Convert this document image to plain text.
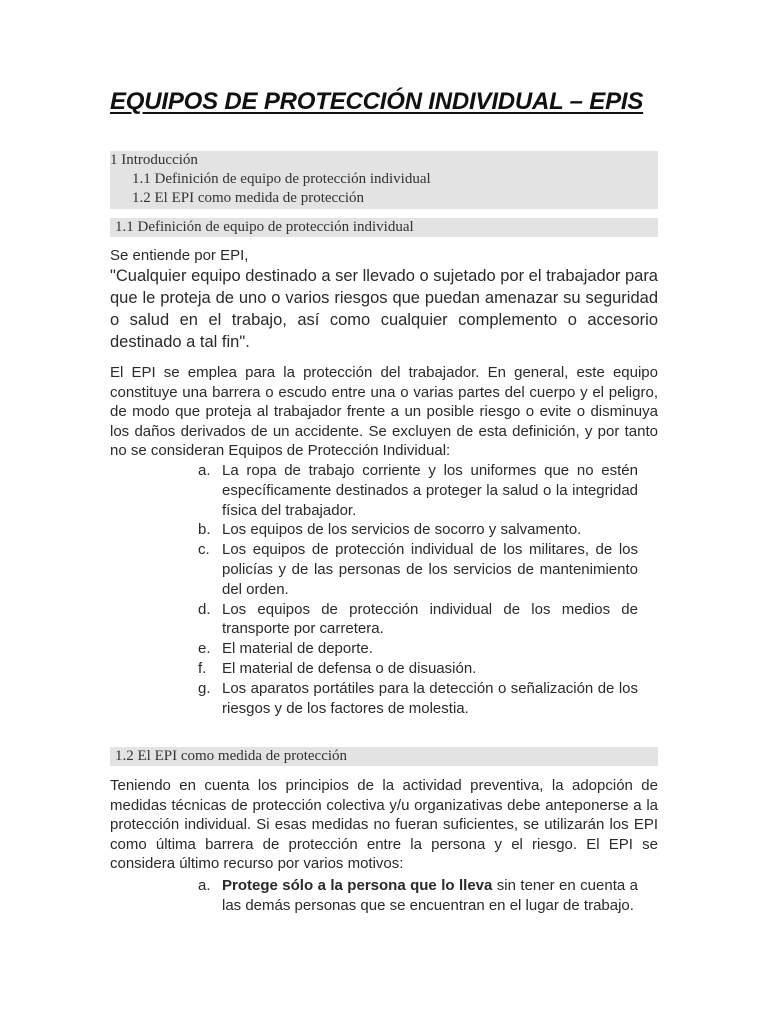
EQUIPOS DE PROTECCIÓN INDIVIDUAL – EPIS
1 Introducción
1.1 Definición de equipo de protección individual
1.2 El EPI como medida de protección
1.1 Definición de equipo de protección individual
Se entiende por EPI,
"Cualquier equipo destinado a ser llevado o sujetado por el trabajador para que le proteja de uno o varios riesgos que puedan amenazar su seguridad o salud en el trabajo, así como cualquier complemento o accesorio destinado a tal fin".
El EPI se emplea para la protección del trabajador. En general, este equipo constituye una barrera o escudo entre una o varias partes del cuerpo y el peligro, de modo que proteja al trabajador frente a un posible riesgo o evite o disminuya los daños derivados de un accidente. Se excluyen de esta definición, y por tanto no se consideran Equipos de Protección Individual:
a. La ropa de trabajo corriente y los uniformes que no estén específicamente destinados a proteger la salud o la integridad física del trabajador.
b. Los equipos de los servicios de socorro y salvamento.
c. Los equipos de protección individual de los militares, de los policías y de las personas de los servicios de mantenimiento del orden.
d. Los equipos de protección individual de los medios de transporte por carretera.
e. El material de deporte.
f. El material de defensa o de disuasión.
g. Los aparatos portátiles para la detección o señalización de los riesgos y de los factores de molestia.
1.2 El EPI como medida de protección
Teniendo en cuenta los principios de la actividad preventiva, la adopción de medidas técnicas de protección colectiva y/u organizativas debe anteponerse a la protección individual. Si esas medidas no fueran suficientes, se utilizarán los EPI como última barrera de protección entre la persona y el riesgo. El EPI se considera último recurso por varios motivos:
a. Protege sólo a la persona que lo lleva sin tener en cuenta a las demás personas que se encuentran en el lugar de trabajo.
